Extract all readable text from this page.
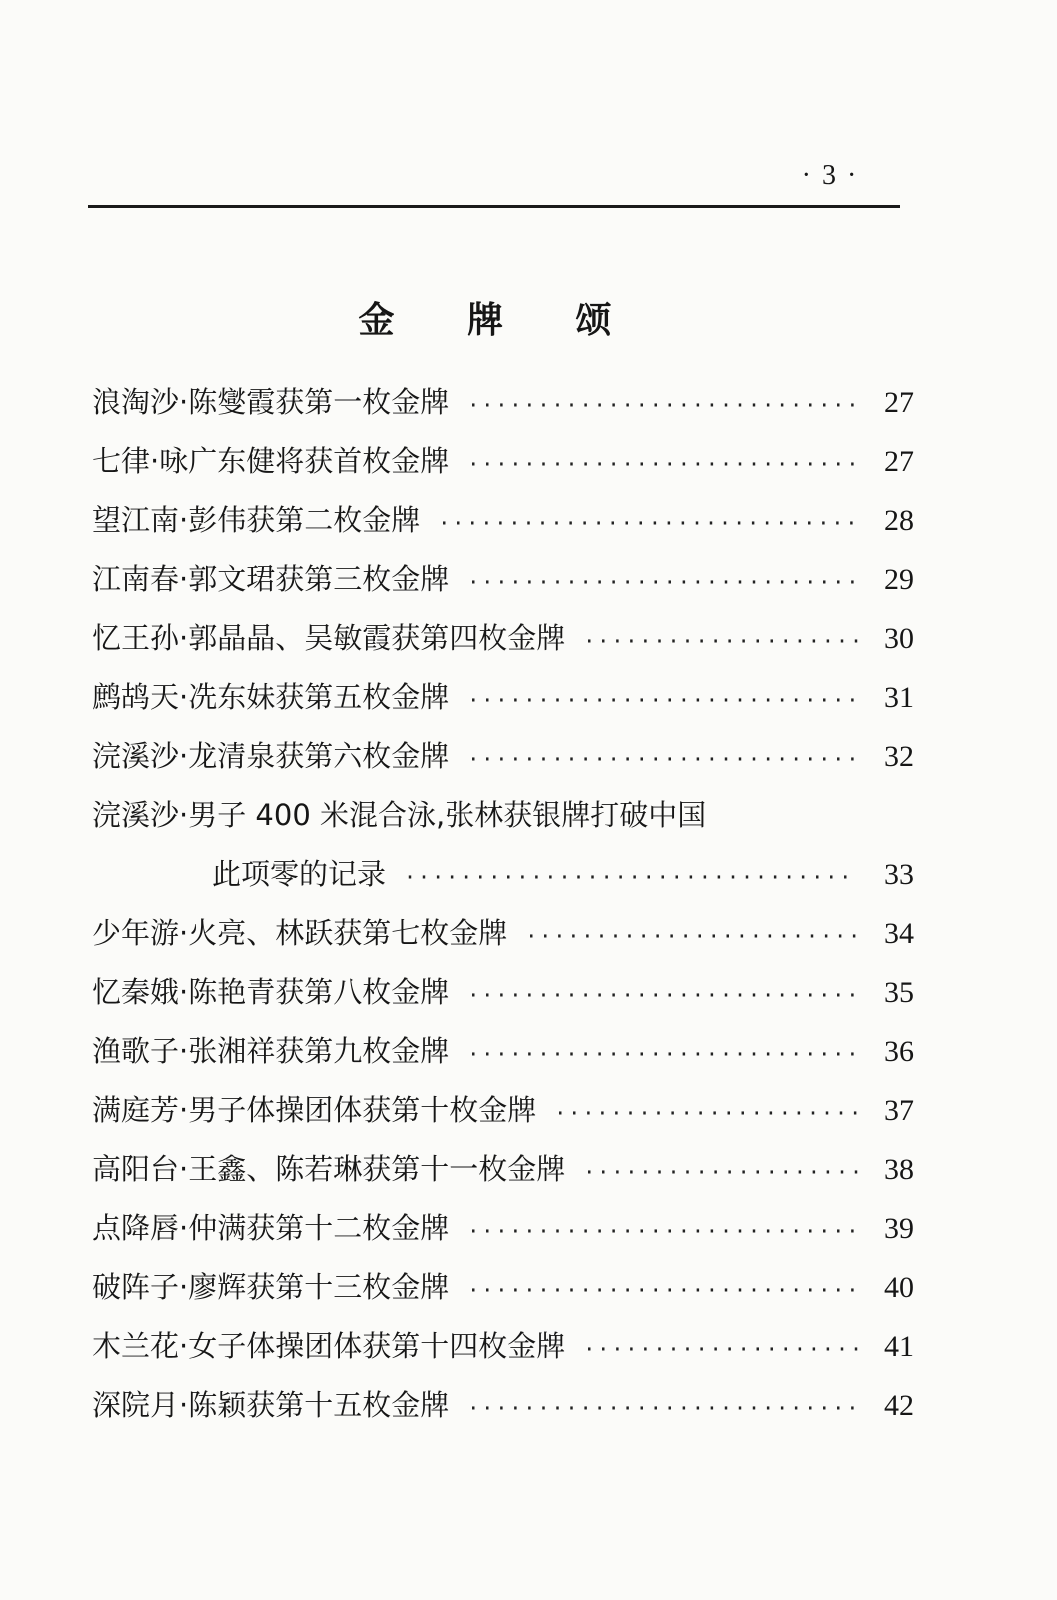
· 3 ·
金 牌 颂
浪淘沙·陈燮霞获第一枚金牌 ·····	27
七律·咏广东健将获首枚金牌 ·····	27
望江南·彭伟获第二枚金牌 ·····	28
江南春·郭文珺获第三枚金牌 ·····	29
忆王孙·郭晶晶、吴敏霞获第四枚金牌 ·····	30
鹧鸪天·冼东妹获第五枚金牌 ·····	31
浣溪沙·龙清泉获第六枚金牌 ·····	32
浣溪沙·男子 400 米混合泳,张林获银牌打破中国
此项零的记录 ·····	33
少年游·火亮、林跃获第七枚金牌 ·····	34
忆秦娥·陈艳青获第八枚金牌 ·····	35
渔歌子·张湘祥获第九枚金牌 ·····	36
满庭芳·男子体操团体获第十枚金牌 ·····	37
高阳台·王鑫、陈若琳获第十一枚金牌 ·····	38
点降唇·仲满获第十二枚金牌 ·····	39
破阵子·廖辉获第十三枚金牌 ·····	40
木兰花·女子体操团体获第十四枚金牌 ·····	41
深院月·陈颖获第十五枚金牌 ·····	42
